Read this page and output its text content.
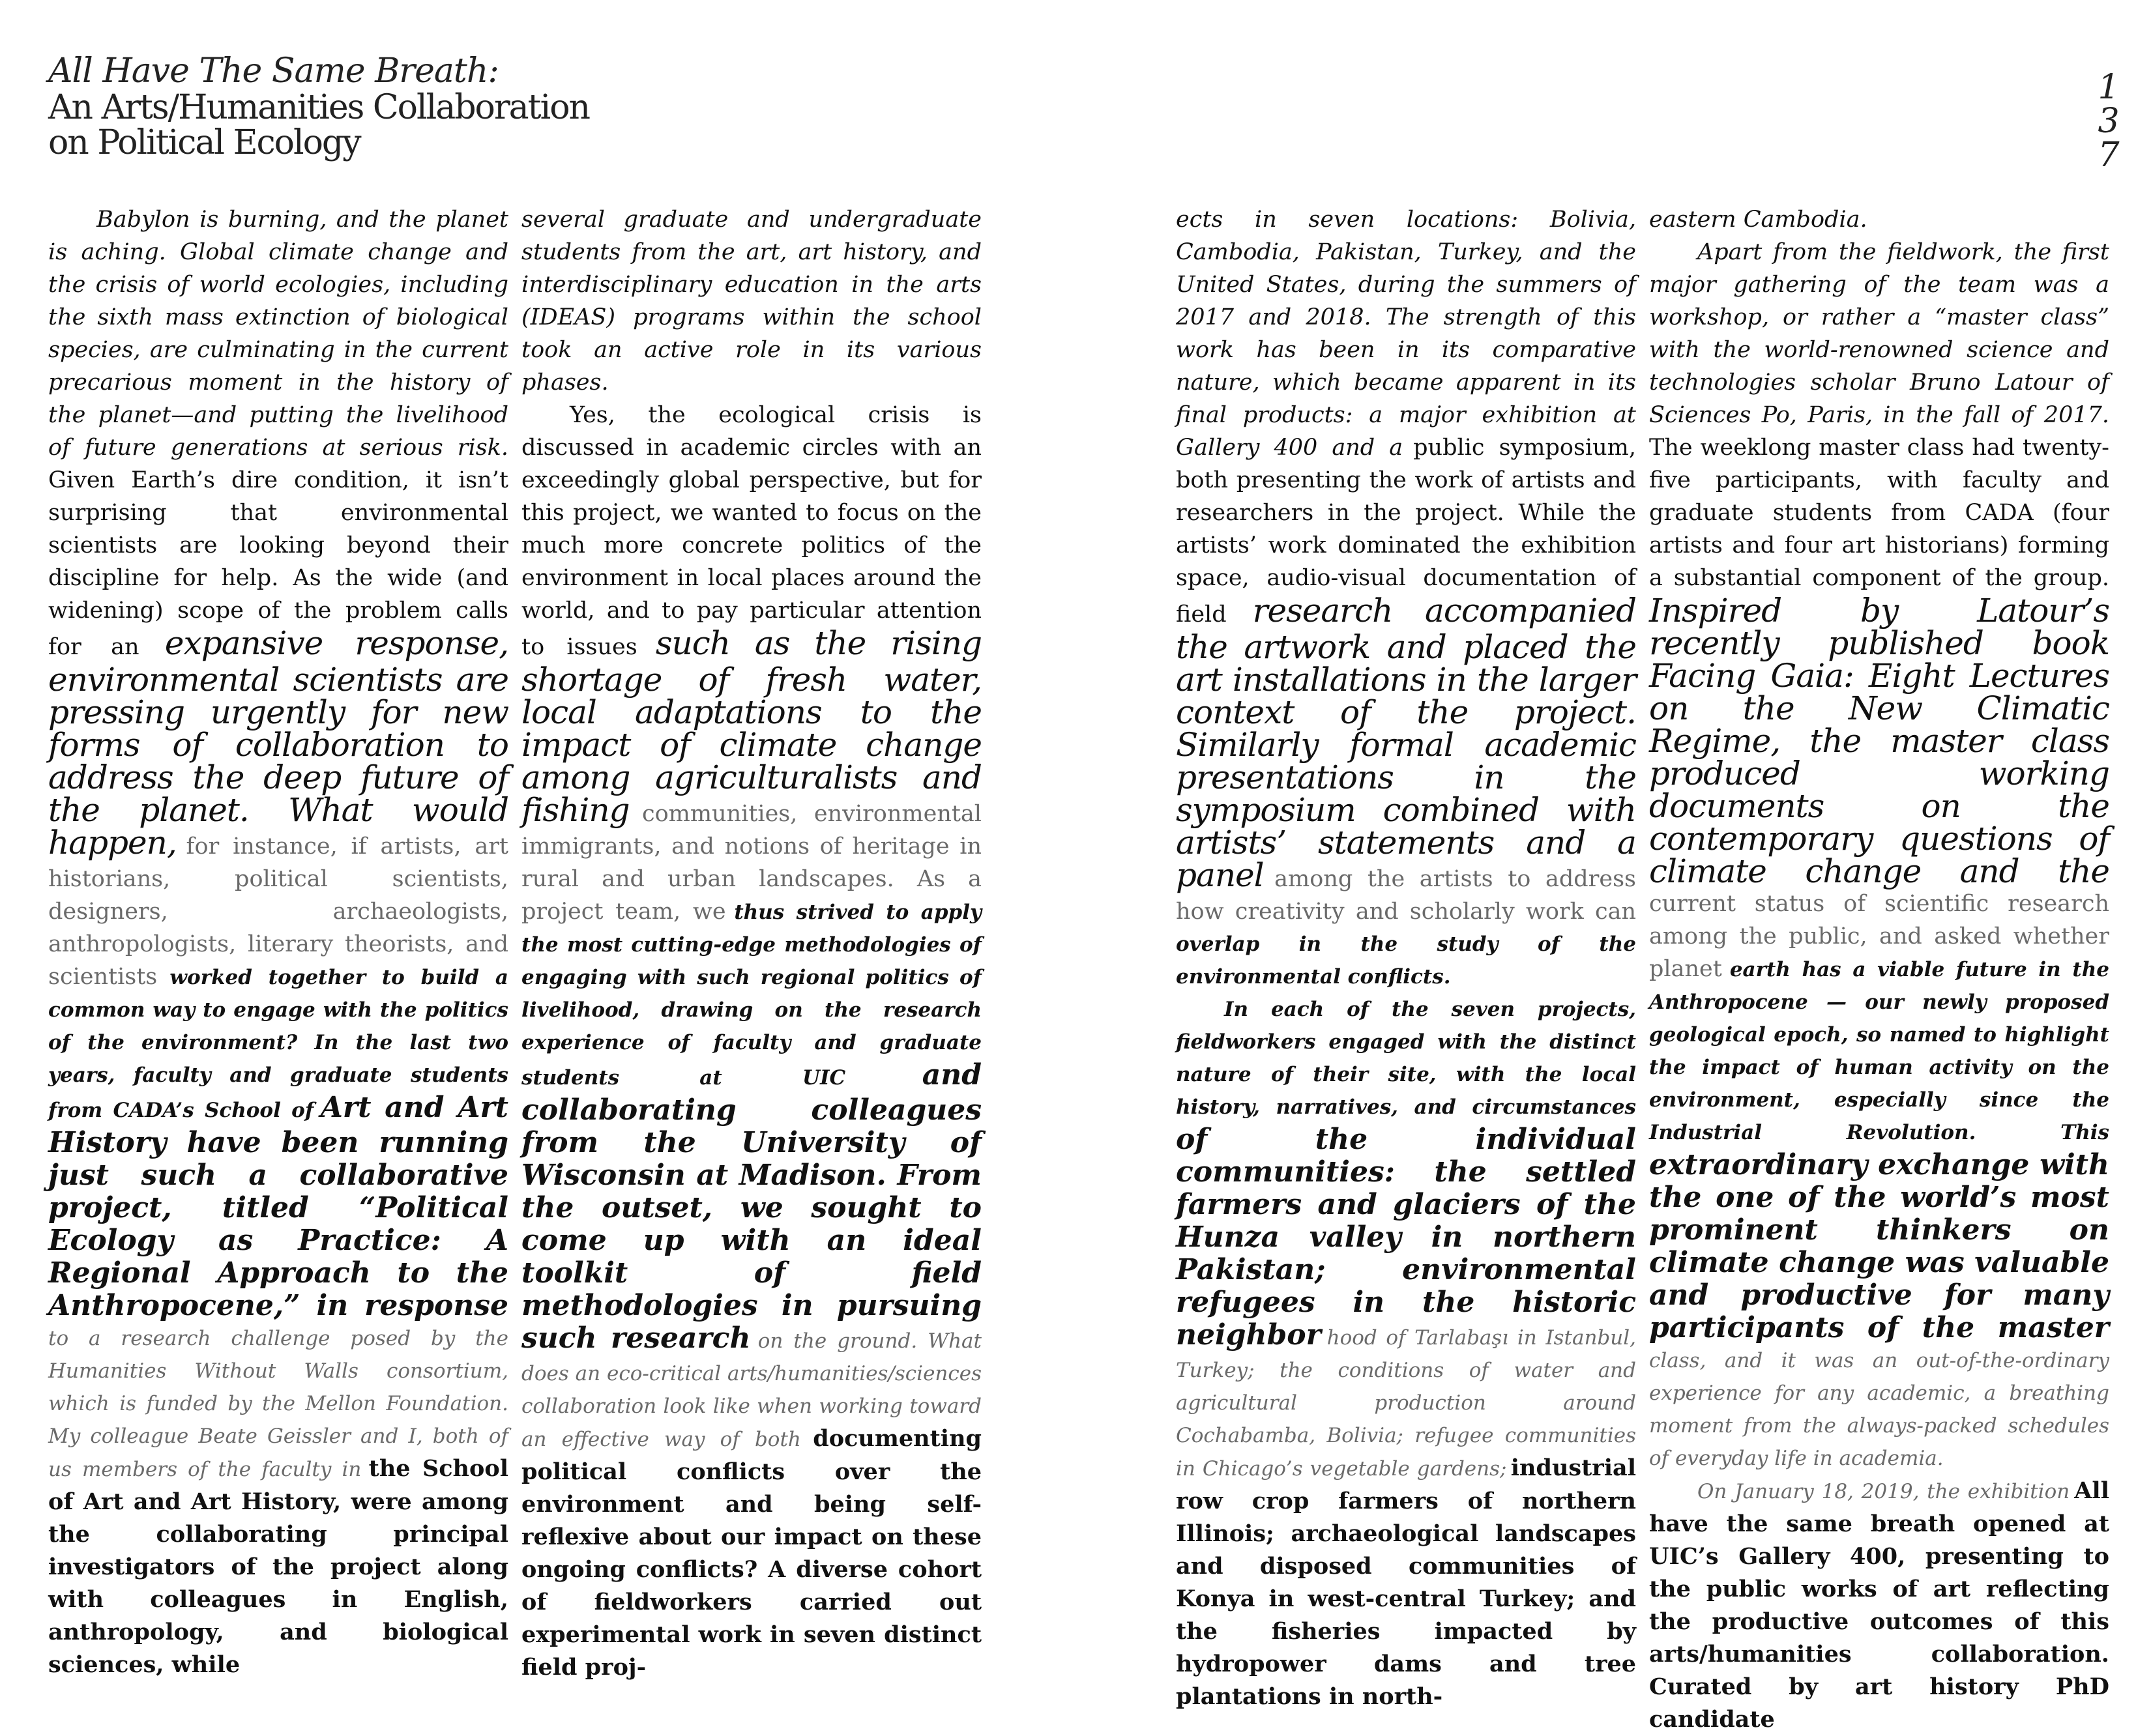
All Have The Same Breath:
An Arts/Humanities Collaboration
on Political Ecology
1
3
7

Babylon is burning, and the planet is aching. Global climate change and the crisis of world ecologies, including the sixth mass extinction of biological species, are culminating in the current precarious moment in the history of the planet—and putting the livelihood of future generations at serious risk. Given Earth’s dire condition, it isn’t surprising that environmental scientists are looking beyond their discipline for help. As the wide (and widening) scope of the problem calls for an expansive response, environmental scientists are pressing urgently for new forms of collaboration to address the deep future of the planet. What would happen, for instance, if artists, art historians, political scientists, designers, archaeologists, anthropologists, literary theorists, and scientists worked together to build a common way to engage with the politics of the environment? In the last two years, faculty and graduate students from CADA’s School of Art and Art History have been running just such a collaborative project, titled “Political Ecology as Practice: A Regional Approach to the Anthropocene,” in response to a research challenge posed by the Humanities Without Walls consortium, which is funded by the Mellon Foundation. My colleague Beate Geissler and I, both of us members of the faculty in the School of Art and Art History, were among the collaborating principal investigators of the project along with colleagues in English, anthropology, and biological sciences, while

several graduate and undergraduate students from the art, art history, and interdisciplinary education in the arts (IDEAS) programs within the school took an active role in its various phases.

Yes, the ecological crisis is discussed in academic circles with an exceedingly global perspective, but for this project, we wanted to focus on the much more concrete politics of the environment in local places around the world, and to pay particular attention to issues such as the rising shortage of fresh water, local adaptations to the impact of climate change among agriculturalists and fishing communities, environmental immigrants, and notions of heritage in rural and urban landscapes. As a project team, we thus strived to apply the most cutting-edge methodologies of engaging with such regional politics of livelihood, drawing on the research experience of faculty and graduate students at UIC	and collaborating colleagues from the University of Wisconsin at Madison. From the outset, we sought to come up with an ideal toolkit of field methodologies in pursuing such research on the ground. What does an eco-critical arts/humanities/sciences collaboration look like when working toward an effective way of both documenting political conflicts over the environment and being self-reflexive about our impact on these ongoing conflicts? A diverse cohort of fieldworkers carried out experimental work in seven distinct field proj-

ects in seven locations: Bolivia, Cambodia, Pakistan, Turkey, and the United States, during the summers of 2017 and 2018. The strength of this work has been in its comparative nature, which became apparent in its final products: a major exhibition at Gallery 400 and a public symposium, both presenting the work of artists and researchers in the project. While the artists’ work dominated the exhibition space, audio-visual documentation of field research accompanied the artwork and placed the art installations in the larger context of the project. Similarly formal academic presentations in the symposium combined with artists’ statements and a panel among the artists to address how creativity and scholarly work can overlap in the study of the environmental conflicts.

In each of the seven projects, fieldworkers engaged with the distinct nature of their site, with the local history, narratives, and circumstances of the individual communities: the settled farmers and glaciers of the Hunza valley in northern Pakistan; environmental refugees in the historic neighbor hood of Tarlabaşı in Istanbul, Turkey; the conditions of water and agricultural production around Cochabamba, Bolivia; refugee communities in Chicago’s vegetable gardens; industrial row crop farmers of northern Illinois; archaeological landscapes and disposed communities of Konya in west-central Turkey; and the fisheries impacted by hydropower dams and tree plantations in north-

eastern Cambodia.

Apart from the fieldwork, the first major gathering of the team was a workshop, or rather a “master class” with the world-renowned science and technologies scholar Bruno Latour of Sciences Po, Paris, in the fall of 2017. The weeklong master class had twenty-five participants, with faculty and graduate students from CADA (four artists and four art historians) forming a substantial component of the group. Inspired by Latour’s recently published book Facing Gaia: Eight Lectures on the New Climatic Regime, the master class produced working documents on the contemporary questions of climate change and the current status of scientific research among the public, and asked whether planet earth has a viable future in the Anthropocene — our newly proposed geological epoch, so named to highlight the impact of human activity on the environment, especially since the Industrial Revolution. This extraordinary exchange with the one of the world’s most prominent thinkers on climate change was valuable and productive for many participants of the master class, and it was an out-of-the-ordinary experience for any academic, a breathing moment from the always-packed schedules of everyday life in academia.

On January 18, 2019, the exhibition All have the same breath opened at UIC’s Gallery 400, presenting to the public works of art reflecting the productive outcomes of this arts/humanities collaboration. Curated by art history PhD candidate
